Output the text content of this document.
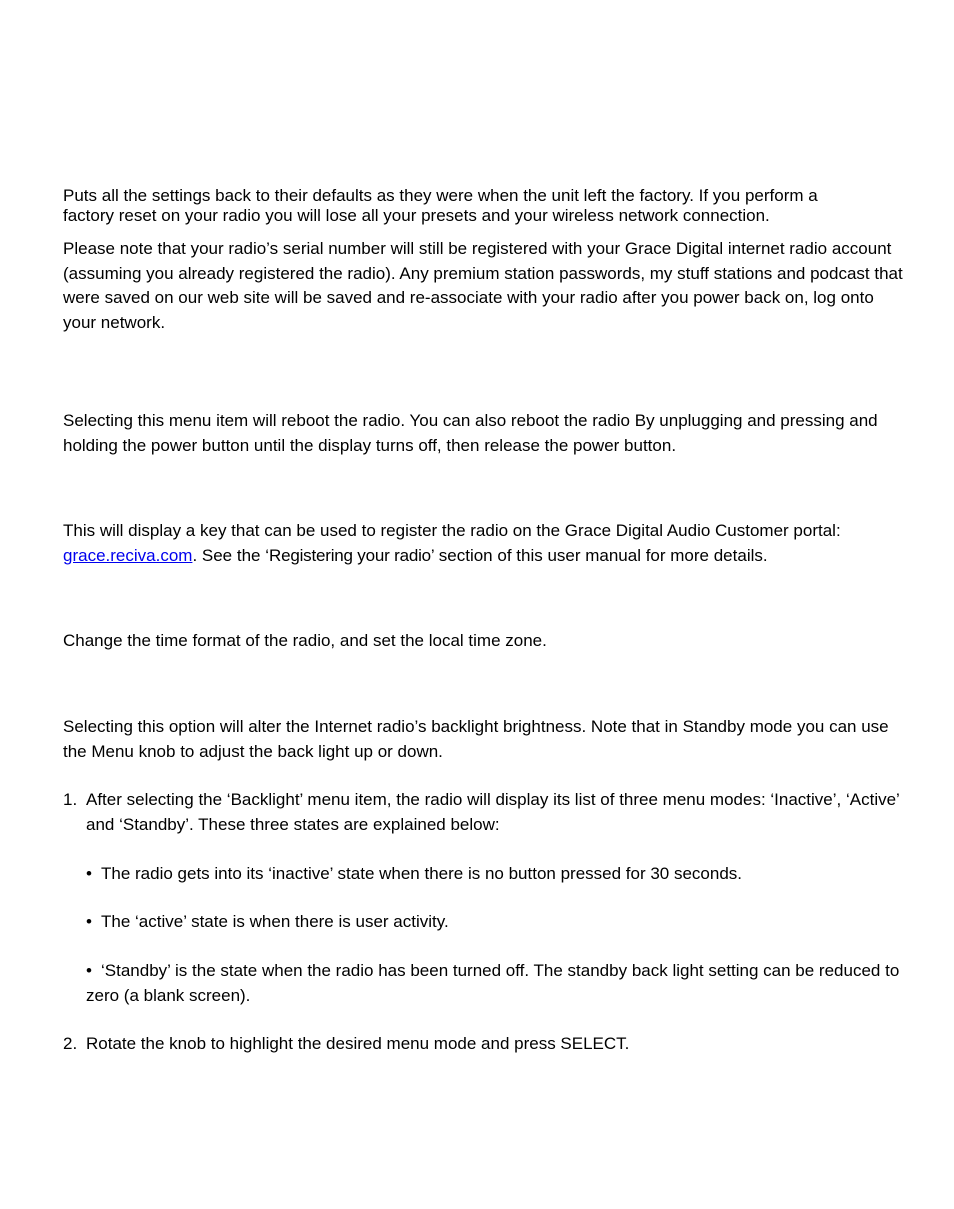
Puts all the settings back to their defaults as they were when the unit left the factory. If you perform a
factory reset on your radio you will lose all your presets and your wireless network connection.

Please note that your radio’s serial number will still be registered with your Grace Digital internet radio account (assuming you already registered the radio). Any premium station passwords, my stuff stations and podcast that were saved on our web site will be saved and re-associate with your radio after you power back on, log onto your network.

Selecting this menu item will reboot the radio. You can also reboot the radio By unplugging and pressing and holding the power button until the display turns off, then release the power button.

This will display a key that can be used to register the radio on the Grace Digital Audio Customer portal: grace.reciva.com. See the ‘Registering your radio’ section of this user manual for more details.

Change the time format of the radio, and set the local time zone.

Selecting this option will alter the Internet radio’s backlight brightness. Note that in Standby mode you can use the Menu knob to adjust the back light up or down.

1. After selecting the ‘Backlight’ menu item, the radio will display its list of three menu modes: ‘Inactive’, ‘Active’ and ‘Standby’. These three states are explained below:

• The radio gets into its ‘inactive’ state when there is no button pressed for 30 seconds.

• The ‘active’ state is when there is user activity.

• ‘Standby’ is the state when the radio has been turned off. The standby back light setting can be reduced to zero (a blank screen).

2. Rotate the knob to highlight the desired menu mode and press SELECT.
